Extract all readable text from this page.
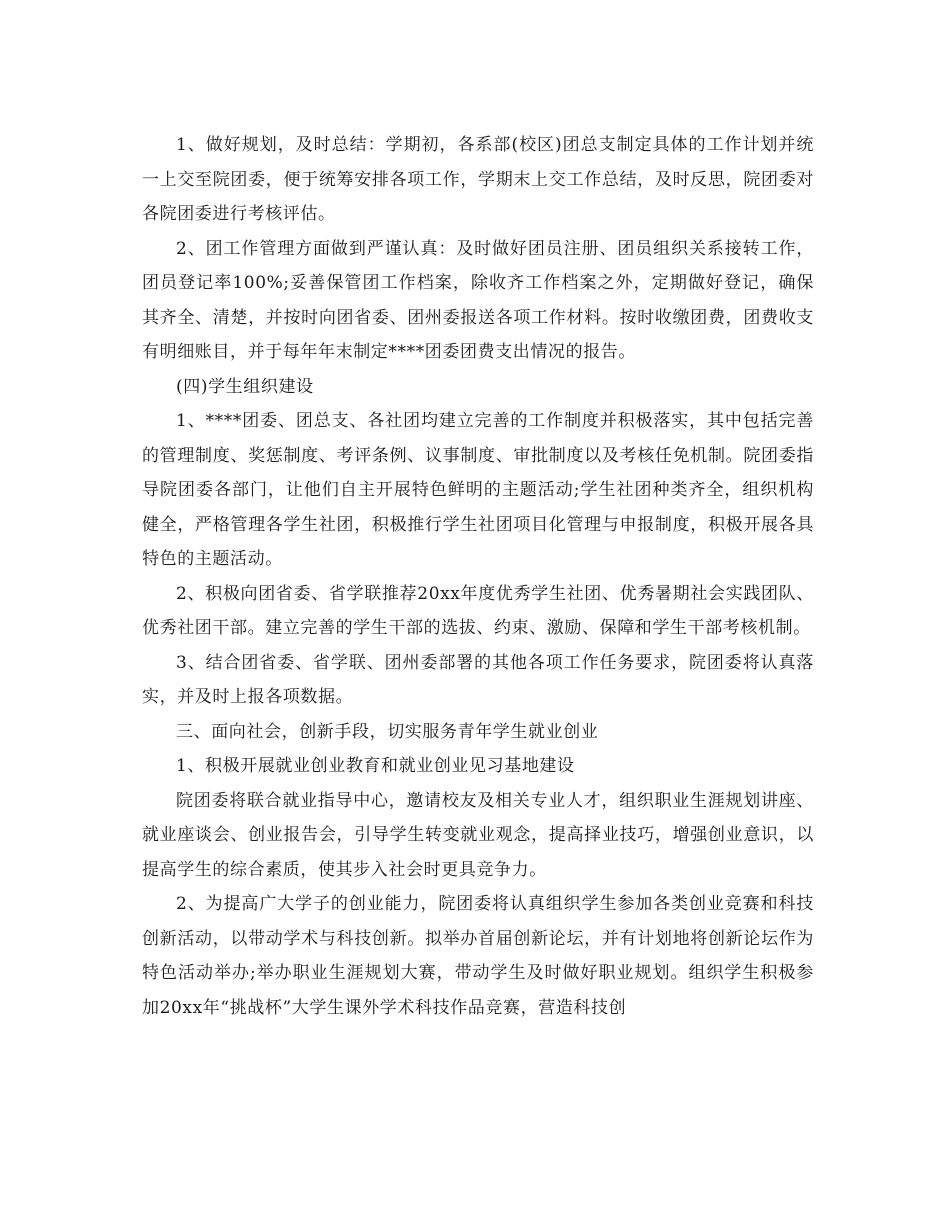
1、做好规划，及时总结：学期初，各系部(校区)团总支制定具体的工作计划并统一上交至院团委，便于统筹安排各项工作，学期末上交工作总结，及时反思，院团委对各院团委进行考核评估。

2、团工作管理方面做到严谨认真：及时做好团员注册、团员组织关系接转工作，团员登记率100%;妥善保管团工作档案，除收齐工作档案之外，定期做好登记，确保其齐全、清楚，并按时向团省委、团州委报送各项工作材料。按时收缴团费，团费收支有明细账目，并于每年年末制定****团委团费支出情况的报告。

(四)学生组织建设

1、****团委、团总支、各社团均建立完善的工作制度并积极落实，其中包括完善的管理制度、奖惩制度、考评条例、议事制度、审批制度以及考核任免机制。院团委指导院团委各部门，让他们自主开展特色鲜明的主题活动;学生社团种类齐全，组织机构健全，严格管理各学生社团，积极推行学生社团项目化管理与申报制度，积极开展各具特色的主题活动。

2、积极向团省委、省学联推荐20xx年度优秀学生社团、优秀暑期社会实践团队、优秀社团干部。建立完善的学生干部的选拔、约束、激励、保障和学生干部考核机制。

3、结合团省委、省学联、团州委部署的其他各项工作任务要求，院团委将认真落实，并及时上报各项数据。

三、面向社会，创新手段，切实服务青年学生就业创业

1、积极开展就业创业教育和就业创业见习基地建设

院团委将联合就业指导中心，邀请校友及相关专业人才，组织职业生涯规划讲座、就业座谈会、创业报告会，引导学生转变就业观念，提高择业技巧，增强创业意识，以提高学生的综合素质，使其步入社会时更具竞争力。

2、为提高广大学子的创业能力，院团委将认真组织学生参加各类创业竞赛和科技创新活动，以带动学术与科技创新。拟举办首届创新论坛，并有计划地将创新论坛作为特色活动举办;举办职业生涯规划大赛，带动学生及时做好职业规划。组织学生积极参加20xx年“挑战杯”大学生课外学术科技作品竞赛，营造科技创
